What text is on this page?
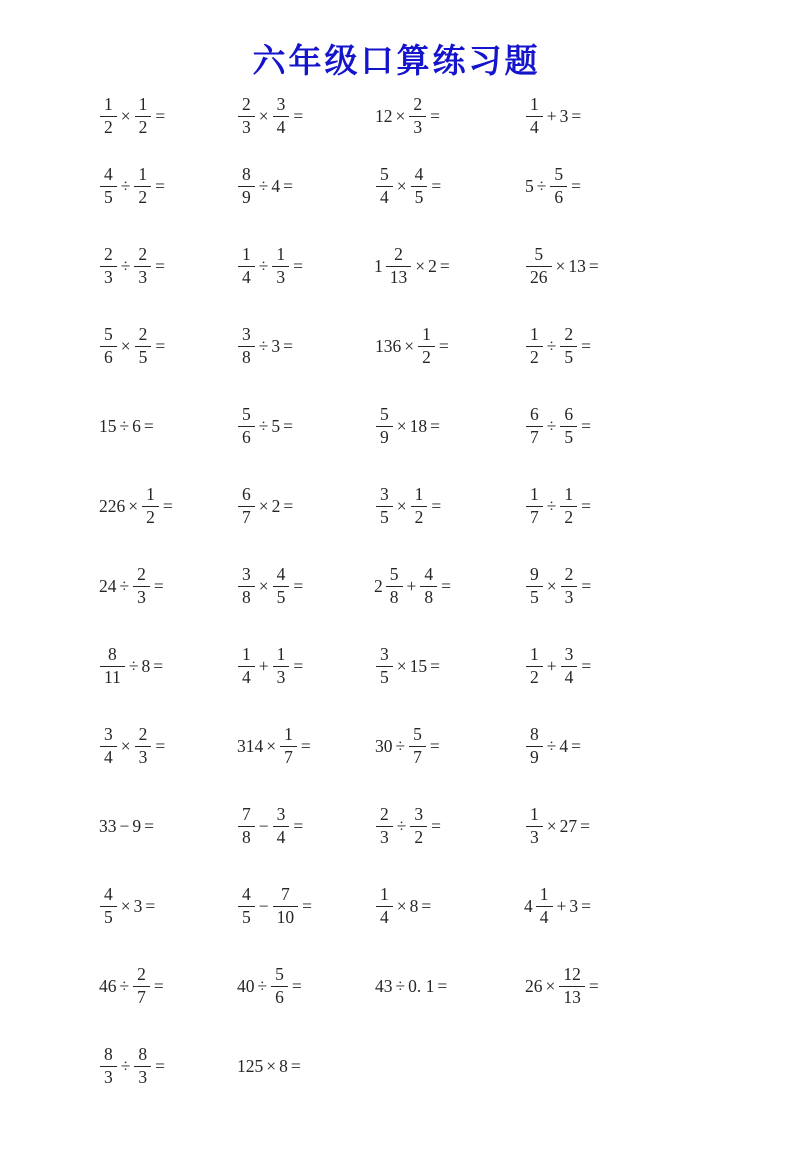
六年级口算练习题
$\frac{1}{2} \times \frac{1}{2}$ =	$\frac{2}{3} \times \frac{3}{4}$ =	$12 \times \frac{2}{3}$ =	$\frac{1}{4} + 3$ =
$\frac{4}{5} \div \frac{1}{2}$ =	$\frac{8}{9} \div 4$ =	$\frac{5}{4} \times \frac{4}{5}$ =	$5 \div \frac{5}{6}$ =
$\frac{2}{3} \div \frac{2}{3}$ =	$\frac{1}{4} \div \frac{1}{3}$ =	$1 \frac{2}{13} \times 2$ =	$\frac{5}{26} \times 13$ =
$\frac{5}{6} \times \frac{2}{5}$ =	$\frac{3}{8} \div 3$ =	$136 \times \frac{1}{2}$ =	$\frac{1}{2} \div \frac{2}{5}$ =
15 ÷ 6 =	$\frac{5}{6} \div 5$ =	$\frac{5}{9} \times 18$ =	$\frac{6}{7} \div \frac{6}{5}$ =
$226 \times \frac{1}{2}$ =	$\frac{6}{7} \times 2$ =	$\frac{3}{5} \times \frac{1}{2}$ =	$\frac{1}{7} \div \frac{1}{2}$ =
$24 \div \frac{2}{3}$ =	$\frac{3}{8} \times \frac{4}{5}$ =	$2 \frac{5}{8} + \frac{4}{8}$ =	$\frac{9}{5} \times \frac{2}{3}$ =
$\frac{8}{11} \div 8$ =	$\frac{1}{4} + \frac{1}{3}$ =	$\frac{3}{5} \times 15$ =	$\frac{1}{2} + \frac{3}{4}$ =
$\frac{3}{4} \times \frac{2}{3}$ =	$314 \times \frac{1}{7}$ =	$30 \div \frac{5}{7}$ =	$\frac{8}{9} \div 4$ =
33 − 9 =	$\frac{7}{8} - \frac{3}{4}$ =	$\frac{2}{3} \div \frac{3}{2}$ =	$\frac{1}{3} \times 27$ =
$\frac{4}{5} \times 3$ =	$\frac{4}{5} - \frac{7}{10}$ =	$\frac{1}{4} \times 8$ =	$4 \frac{1}{4} + 3$ =
$46 \div \frac{2}{7}$ =	$40 \div \frac{5}{6}$ =	43 ÷ 0. 1 =	$26 \times \frac{12}{13}$ =
$\frac{8}{3} \div \frac{8}{3}$ =	125 × 8 =
